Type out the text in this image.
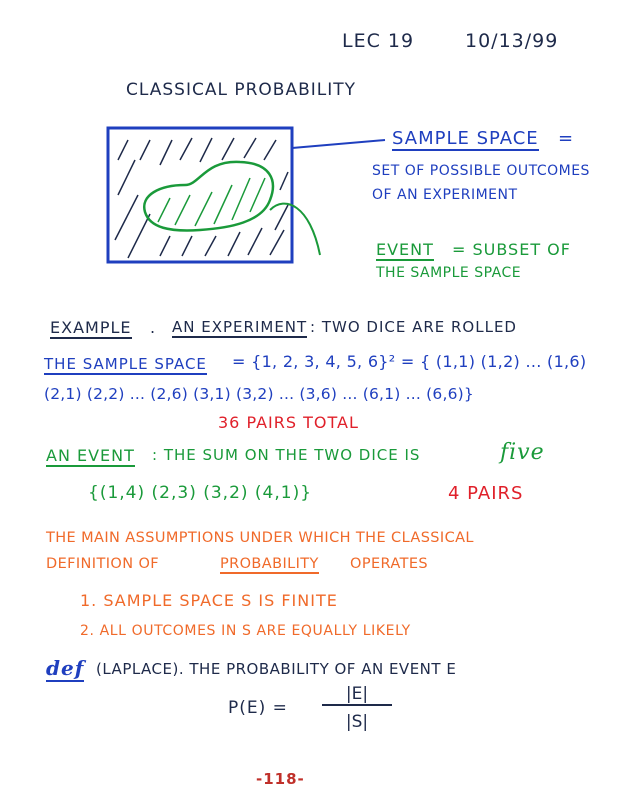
LEC 19	10/13/99
CLASSICAL PROBABILITY
SAMPLE SPACE =
SET OF POSSIBLE OUTCOMES
OF AN EXPERIMENT
EVENT = SUBSET OF
THE SAMPLE SPACE
EXAMPLE . AN EXPERIMENT : TWO DICE ARE ROLLED
THE SAMPLE SPACE = {1, 2, 3, 4, 5, 6}² = { (1,1) (1,2) ... (1,6)
(2,1) (2,2) ... (2,6) (3,1) (3,2) ... (3,6) ... (6,1) ... (6,6)}
36 PAIRS TOTAL
AN EVENT : THE SUM ON THE TWO DICE IS	five
{(1,4) (2,3) (3,2) (4,1)}	4 PAIRS
THE MAIN ASSUMPTIONS UNDER WHICH THE CLASSICAL
DEFINITION OF	PROBABILITY OPERATES
1. SAMPLE SPACE S IS FINITE
2. ALL OUTCOMES IN S ARE EQUALLY LIKELY
def (LAPLACE). THE PROBABILITY OF AN EVENT E
P(E) =
|E|
|S|
-118-
